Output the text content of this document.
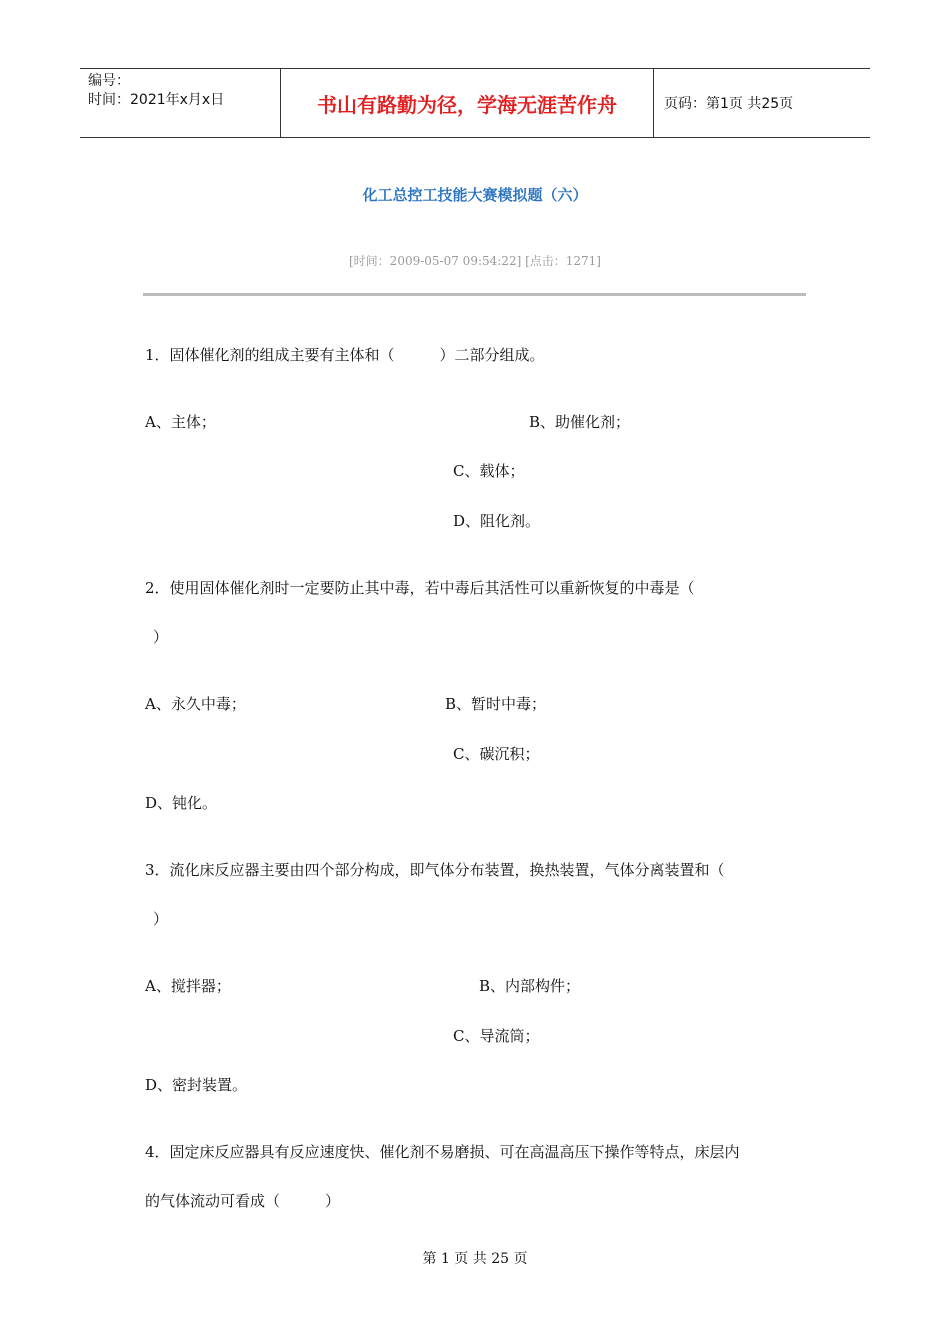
编号：
时间：2021年x月x日	书山有路勤为径，学海无涯苦作舟	页码：第1页 共25页
化工总控工技能大赛模拟题（六）
[时间：2009-05-07 09:54:22] [点击：1271]
1．固体催化剂的组成主要有主体和（　　　）二部分组成。
A、主体；	B、助催化剂；
C、载体；
D、阻化剂。
2．使用固体催化剂时一定要防止其中毒，若中毒后其活性可以重新恢复的中毒是（
）
A、永久中毒；	B、暂时中毒；
C、碳沉积；
D、钝化。
3．流化床反应器主要由四个部分构成，即气体分布装置，换热装置，气体分离装置和（
）
A、搅拌器；	B、内部构件；
C、导流筒；
D、密封装置。
4．固定床反应器具有反应速度快、催化剂不易磨损、可在高温高压下操作等特点，床层内
的气体流动可看成（　　　）
第 1 页 共 25 页
